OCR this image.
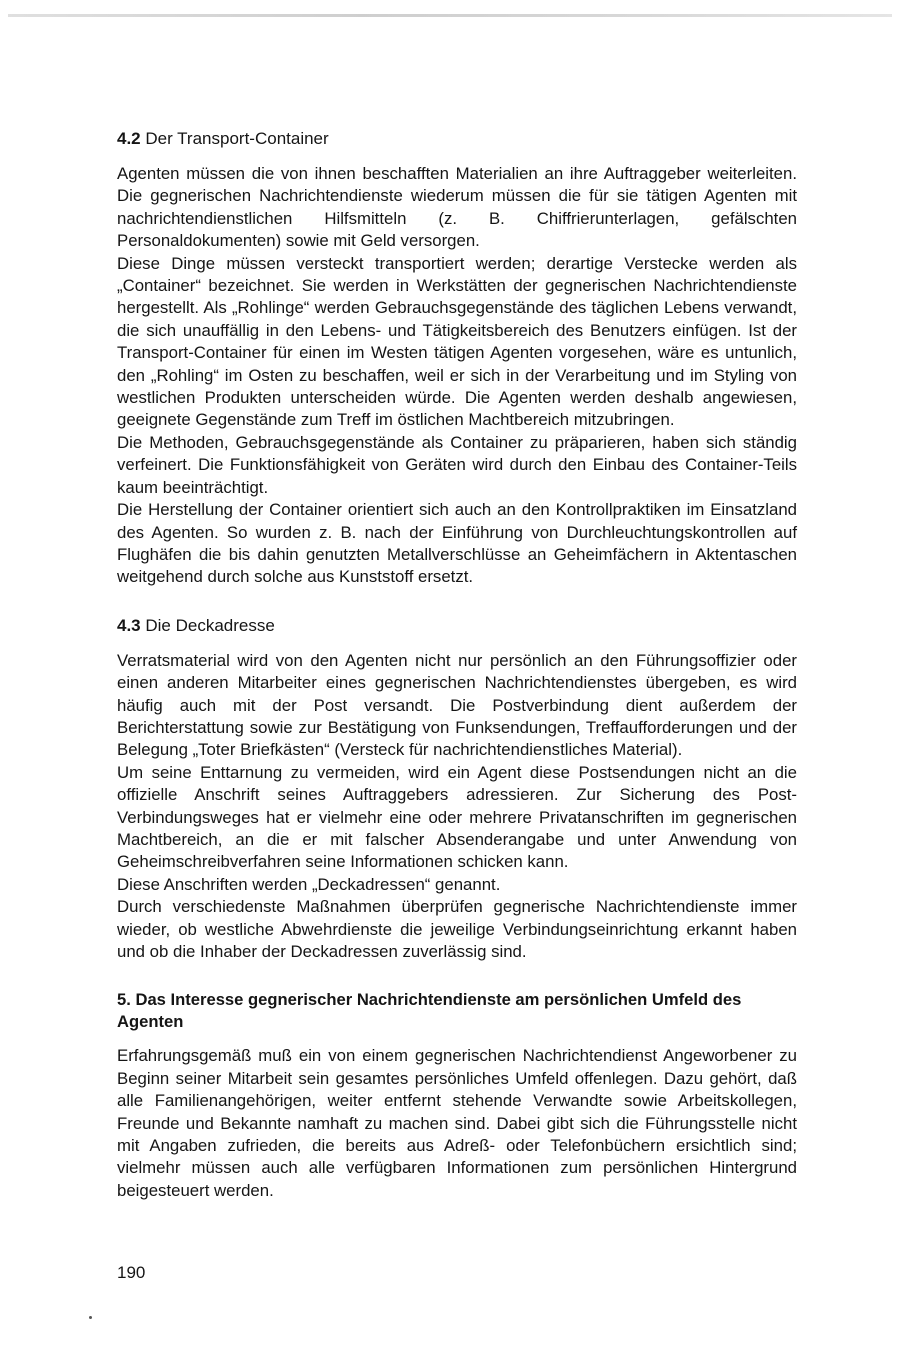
4.2 Der Transport-Container

Agenten müssen die von ihnen beschafften Materialien an ihre Auftraggeber weiterleiten. Die gegnerischen Nachrichtendienste wiederum müssen die für sie tätigen Agenten mit nachrichtendienstlichen Hilfsmitteln (z. B. Chiffrierunterlagen, gefälschten Personaldokumenten) sowie mit Geld versorgen.

Diese Dinge müssen versteckt transportiert werden; derartige Verstecke werden als „Container“ bezeichnet. Sie werden in Werkstätten der gegnerischen Nachrichtendienste hergestellt. Als „Rohlinge“ werden Gebrauchsgegenstände des täglichen Lebens verwandt, die sich unauffällig in den Lebens- und Tätigkeitsbereich des Benutzers einfügen. Ist der Transport-Container für einen im Westen tätigen Agenten vorgesehen, wäre es untunlich, den „Rohling“ im Osten zu beschaffen, weil er sich in der Verarbeitung und im Styling von westlichen Produkten unterscheiden würde. Die Agenten werden deshalb angewiesen, geeignete Gegenstände zum Treff im östlichen Machtbereich mitzubringen.

Die Methoden, Gebrauchsgegenstände als Container zu präparieren, haben sich ständig verfeinert. Die Funktionsfähigkeit von Geräten wird durch den Einbau des Container-Teils kaum beeinträchtigt.

Die Herstellung der Container orientiert sich auch an den Kontrollpraktiken im Einsatzland des Agenten. So wurden z. B. nach der Einführung von Durchleuchtungskontrollen auf Flughäfen die bis dahin genutzten Metallverschlüsse an Geheimfächern in Aktentaschen weitgehend durch solche aus Kunststoff ersetzt.

4.3 Die Deckadresse

Verratsmaterial wird von den Agenten nicht nur persönlich an den Führungsoffizier oder einen anderen Mitarbeiter eines gegnerischen Nachrichtendienstes übergeben, es wird häufig auch mit der Post versandt. Die Postverbindung dient außerdem der Berichterstattung sowie zur Bestätigung von Funksendungen, Treffaufforderungen und der Belegung „Toter Briefkästen“ (Versteck für nachrichtendienstliches Material).

Um seine Enttarnung zu vermeiden, wird ein Agent diese Postsendungen nicht an die offizielle Anschrift seines Auftraggebers adressieren. Zur Sicherung des Post-Verbindungsweges hat er vielmehr eine oder mehrere Privatanschriften im gegnerischen Machtbereich, an die er mit falscher Absenderangabe und unter Anwendung von Geheimschreibverfahren seine Informationen schicken kann.

Diese Anschriften werden „Deckadressen“ genannt.

Durch verschiedenste Maßnahmen überprüfen gegnerische Nachrichtendienste immer wieder, ob westliche Abwehrdienste die jeweilige Verbindungseinrichtung erkannt haben und ob die Inhaber der Deckadressen zuverlässig sind.

5. Das Interesse gegnerischer Nachrichtendienste am persönlichen Umfeld des Agenten

Erfahrungsgemäß muß ein von einem gegnerischen Nachrichtendienst Angeworbener zu Beginn seiner Mitarbeit sein gesamtes persönliches Umfeld offenlegen. Dazu gehört, daß alle Familienangehörigen, weiter entfernt stehende Verwandte sowie Arbeitskollegen, Freunde und Bekannte namhaft zu machen sind. Dabei gibt sich die Führungsstelle nicht mit Angaben zufrieden, die bereits aus Adreß- oder Telefonbüchern ersichtlich sind; vielmehr müssen auch alle verfügbaren Informationen zum persönlichen Hintergrund beigesteuert werden.

190
